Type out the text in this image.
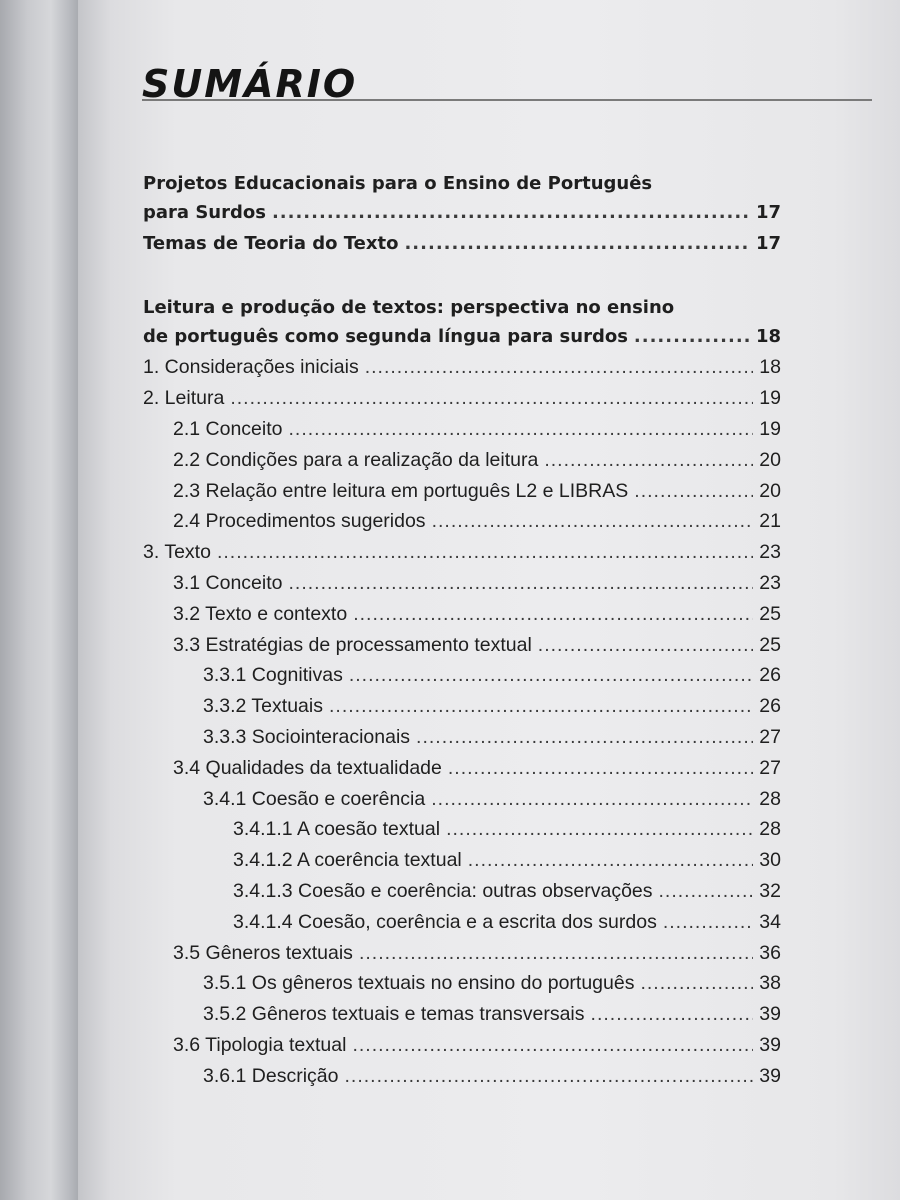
SUMÁRIO
Projetos Educacionais para o Ensino de Português
para Surdos .....	17
Temas de Teoria do Texto .....	17
Leitura e produção de textos: perspectiva no ensino
de português como segunda língua para surdos .....	18
1. Considerações iniciais .....	18
2. Leitura .....	19
2.1 Conceito .....	19
2.2 Condições para a realização da leitura .....	20
2.3 Relação entre leitura em português L2 e LIBRAS .....	20
2.4 Procedimentos sugeridos .....	21
3. Texto .....	23
3.1 Conceito .....	23
3.2 Texto e contexto .....	25
3.3 Estratégias de processamento textual .....	25
3.3.1 Cognitivas .....	26
3.3.2 Textuais .....	26
3.3.3 Sociointeracionais .....	27
3.4 Qualidades da textualidade .....	27
3.4.1 Coesão e coerência .....	28
3.4.1.1 A coesão textual .....	28
3.4.1.2 A coerência textual .....	30
3.4.1.3 Coesão e coerência: outras observações .....	32
3.4.1.4 Coesão, coerência e a escrita dos surdos .....	34
3.5 Gêneros textuais .....	36
3.5.1 Os gêneros textuais no ensino do português .....	38
3.5.2 Gêneros textuais e temas transversais .....	39
3.6 Tipologia textual .....	39
3.6.1 Descrição .....	39
